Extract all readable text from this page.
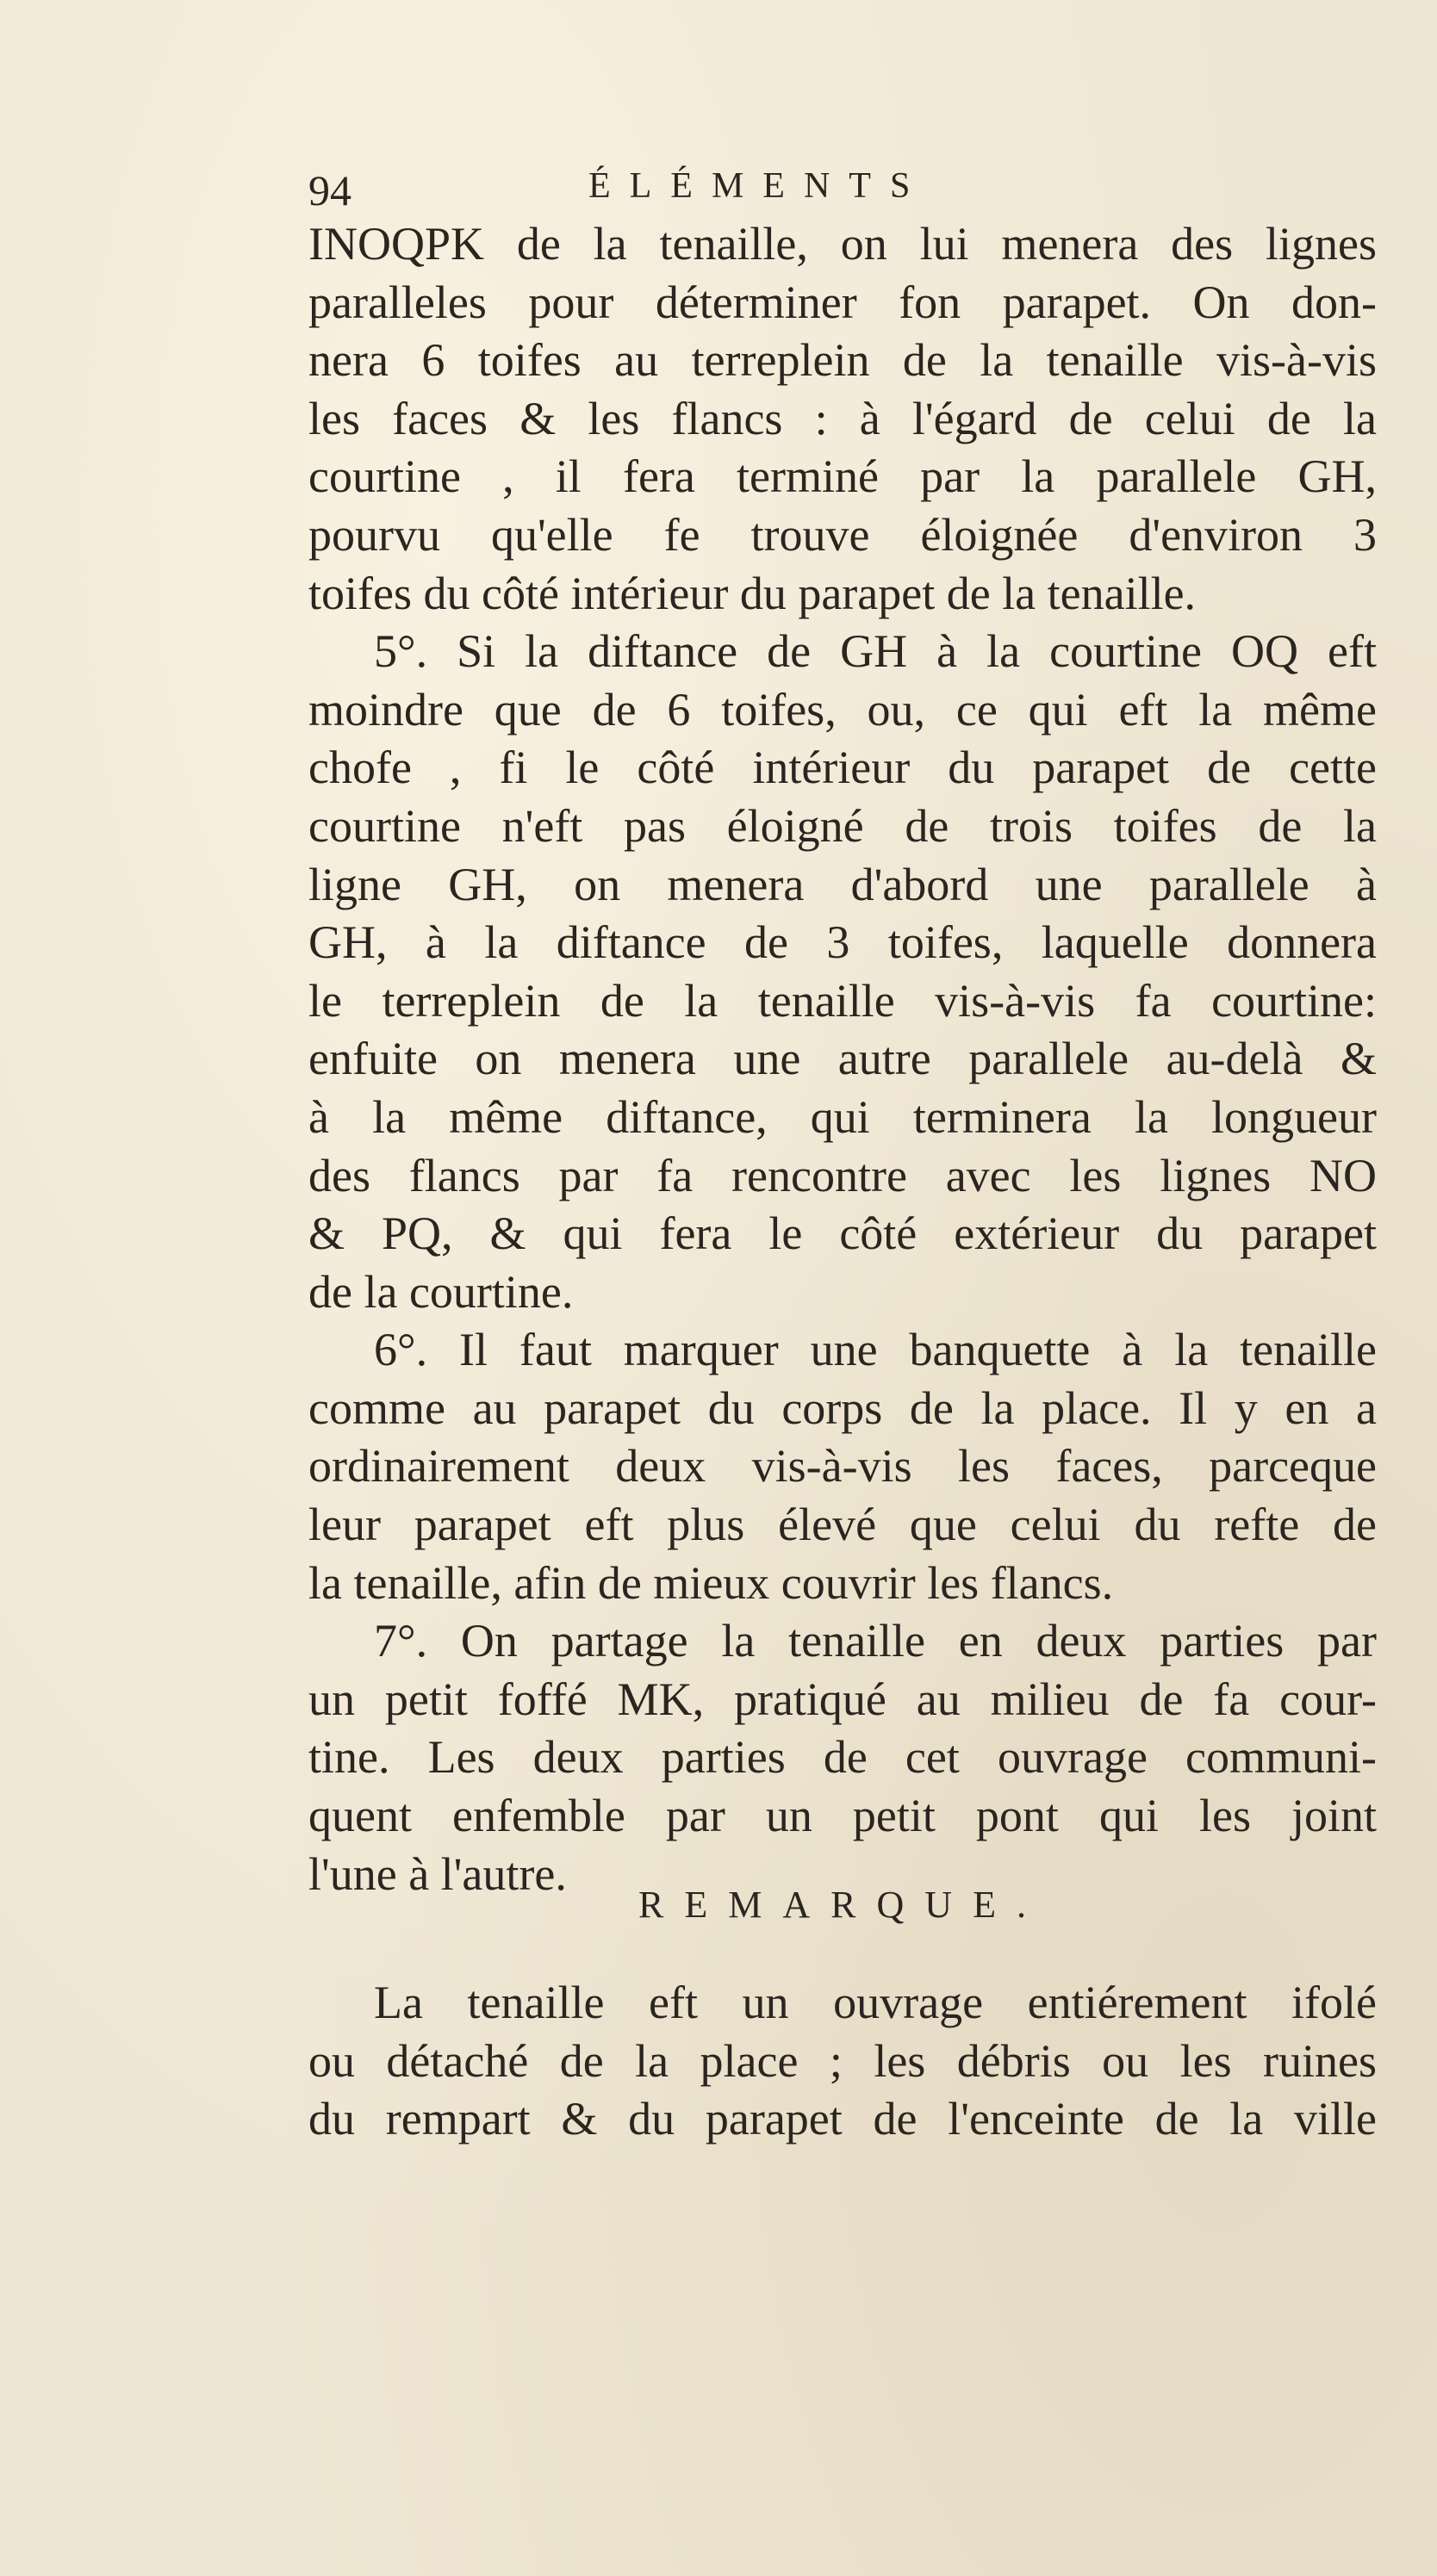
94	ÉLÉMENTS
INOQPK de la tenaille, on lui menera des lignes
paralleles pour déterminer fon parapet. On don-
nera 6 toifes au terreplein de la tenaille vis-à-vis
les faces & les flancs : à l'égard de celui de la
courtine , il fera terminé par la parallele GH,
pourvu qu'elle fe trouve éloignée d'environ 3
toifes du côté intérieur du parapet de la tenaille.
5°. Si la diftance de GH à la courtine OQ eft
moindre que de 6 toifes, ou, ce qui eft la même
chofe , fi le côté intérieur du parapet de cette
courtine n'eft pas éloigné de trois toifes de la
ligne GH, on menera d'abord une parallele à
GH, à la diftance de 3 toifes, laquelle donnera
le terreplein de la tenaille vis-à-vis fa courtine:
enfuite on menera une autre parallele au-delà &
à la même diftance, qui terminera la longueur
des flancs par fa rencontre avec les lignes NO
& PQ, & qui fera le côté extérieur du parapet
de la courtine.
6°. Il faut marquer une banquette à la tenaille
comme au parapet du corps de la place. Il y en a
ordinairement deux vis-à-vis les faces, parceque
leur parapet eft plus élevé que celui du refte de
la tenaille, afin de mieux couvrir les flancs.
7°. On partage la tenaille en deux parties par
un petit foffé MK, pratiqué au milieu de fa cour-
tine. Les deux parties de cet ouvrage communi-
quent enfemble par un petit pont qui les joint
l'une à l'autre.
REMARQUE.
La tenaille eft un ouvrage entiérement ifolé
ou détaché de la place ; les débris ou les ruines
du rempart & du parapet de l'enceinte de la ville
